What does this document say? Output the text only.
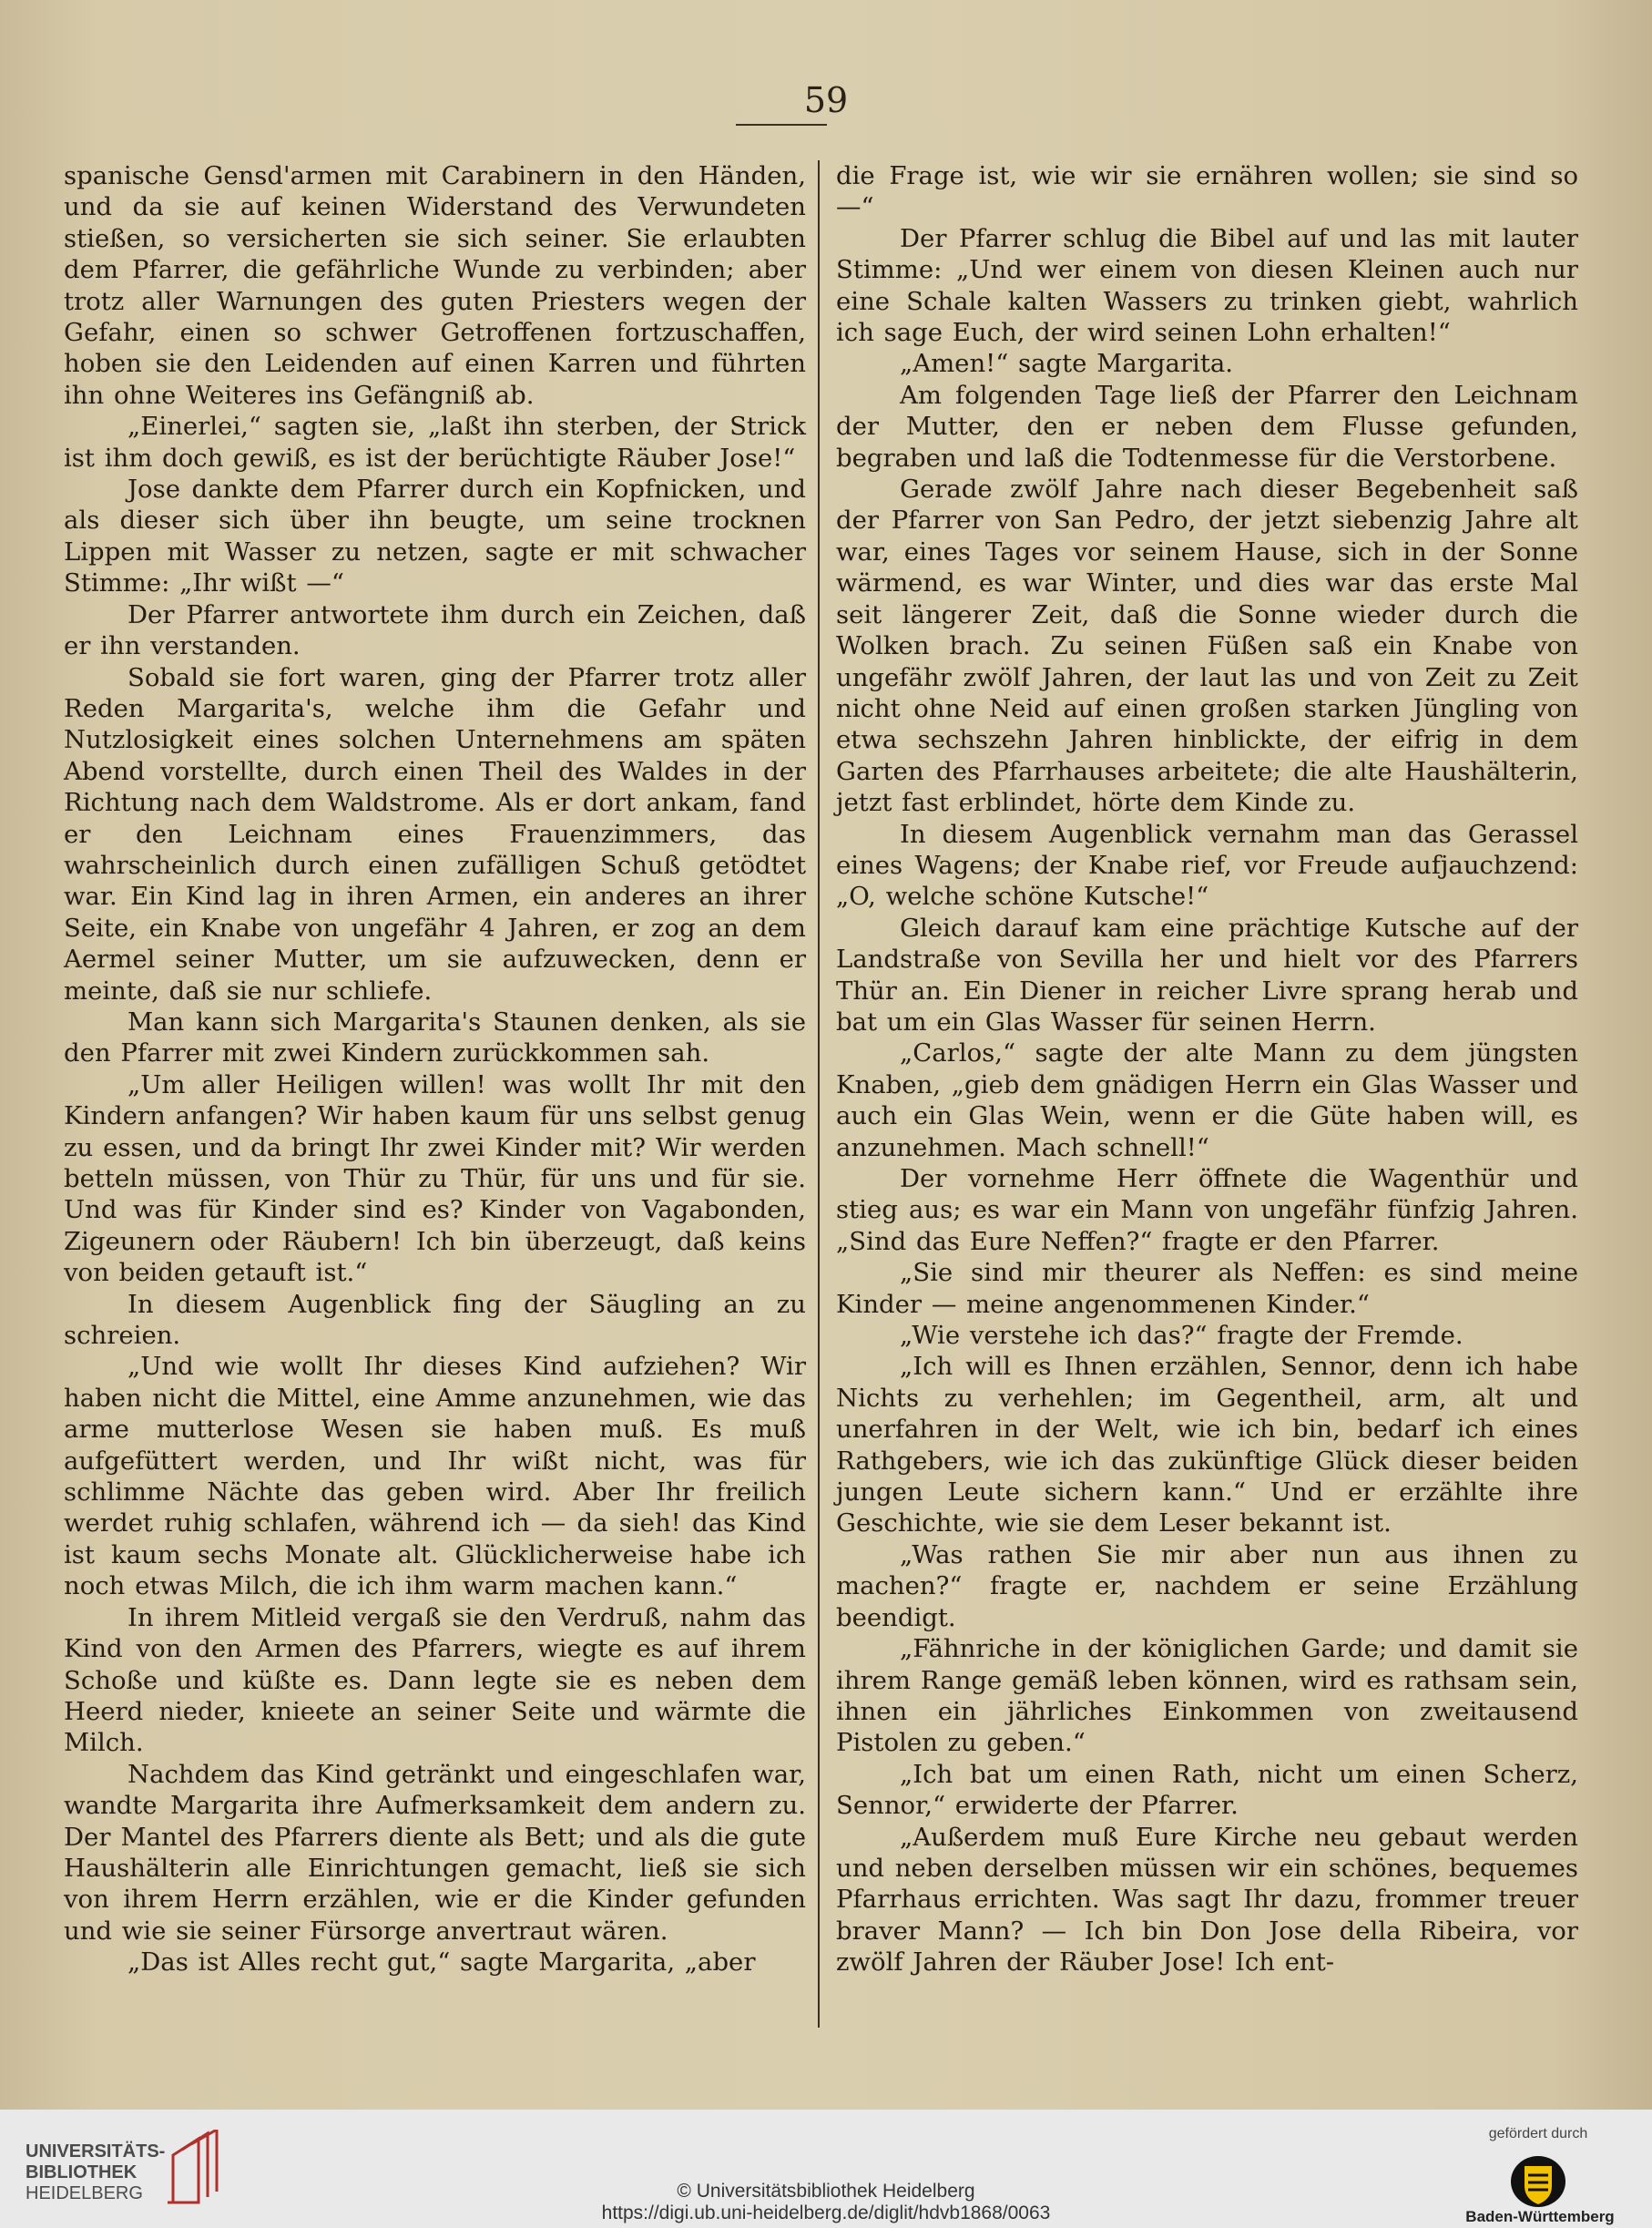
59

spanische Gensd'armen mit Carabinern in den Händen, und da sie auf keinen Widerstand des Verwundeten stießen, so versicherten sie sich seiner. Sie erlaubten dem Pfarrer, die gefährliche Wunde zu verbinden; aber trotz aller Warnungen des guten Priesters wegen der Gefahr, einen so schwer Getroffenen fortzuschaffen, hoben sie den Leidenden auf einen Karren und führten ihn ohne Weiteres ins Gefängniß ab.

„Einerlei,“ sagten sie, „laßt ihn sterben, der Strick ist ihm doch gewiß, es ist der berüchtigte Räuber Jose!“

Jose dankte dem Pfarrer durch ein Kopfnicken, und als dieser sich über ihn beugte, um seine trocknen Lippen mit Wasser zu netzen, sagte er mit schwacher Stimme: „Ihr wißt —“

Der Pfarrer antwortete ihm durch ein Zeichen, daß er ihn verstanden.

Sobald sie fort waren, ging der Pfarrer trotz aller Reden Margarita's, welche ihm die Gefahr und Nutzlosigkeit eines solchen Unternehmens am späten Abend vorstellte, durch einen Theil des Waldes in der Richtung nach dem Waldstrome. Als er dort ankam, fand er den Leichnam eines Frauenzimmers, das wahrscheinlich durch einen zufälligen Schuß getödtet war. Ein Kind lag in ihren Armen, ein anderes an ihrer Seite, ein Knabe von ungefähr 4 Jahren, er zog an dem Aermel seiner Mutter, um sie aufzuwecken, denn er meinte, daß sie nur schliefe.

Man kann sich Margarita's Staunen denken, als sie den Pfarrer mit zwei Kindern zurückkommen sah.

„Um aller Heiligen willen! was wollt Ihr mit den Kindern anfangen? Wir haben kaum für uns selbst genug zu essen, und da bringt Ihr zwei Kinder mit? Wir werden betteln müssen, von Thür zu Thür, für uns und für sie. Und was für Kinder sind es? Kinder von Vagabonden, Zigeunern oder Räubern! Ich bin überzeugt, daß keins von beiden getauft ist.“

In diesem Augenblick fing der Säugling an zu schreien.

„Und wie wollt Ihr dieses Kind aufziehen? Wir haben nicht die Mittel, eine Amme anzunehmen, wie das arme mutterlose Wesen sie haben muß. Es muß aufgefüttert werden, und Ihr wißt nicht, was für schlimme Nächte das geben wird. Aber Ihr freilich werdet ruhig schlafen, während ich — da sieh! das Kind ist kaum sechs Monate alt. Glücklicherweise habe ich noch etwas Milch, die ich ihm warm machen kann.“

In ihrem Mitleid vergaß sie den Verdruß, nahm das Kind von den Armen des Pfarrers, wiegte es auf ihrem Schoße und küßte es. Dann legte sie es neben dem Heerd nieder, knieete an seiner Seite und wärmte die Milch.

Nachdem das Kind getränkt und eingeschlafen war, wandte Margarita ihre Aufmerksamkeit dem andern zu. Der Mantel des Pfarrers diente als Bett; und als die gute Haushälterin alle Einrichtungen gemacht, ließ sie sich von ihrem Herrn erzählen, wie er die Kinder gefunden und wie sie seiner Fürsorge anvertraut wären.

„Das ist Alles recht gut,“ sagte Margarita, „aber

die Frage ist, wie wir sie ernähren wollen; sie sind so —“

Der Pfarrer schlug die Bibel auf und las mit lauter Stimme: „Und wer einem von diesen Kleinen auch nur eine Schale kalten Wassers zu trinken giebt, wahrlich ich sage Euch, der wird seinen Lohn erhalten!“

„Amen!“ sagte Margarita.

Am folgenden Tage ließ der Pfarrer den Leichnam der Mutter, den er neben dem Flusse gefunden, begraben und laß die Todtenmesse für die Verstorbene.

Gerade zwölf Jahre nach dieser Begebenheit saß der Pfarrer von San Pedro, der jetzt siebenzig Jahre alt war, eines Tages vor seinem Hause, sich in der Sonne wärmend, es war Winter, und dies war das erste Mal seit längerer Zeit, daß die Sonne wieder durch die Wolken brach. Zu seinen Füßen saß ein Knabe von ungefähr zwölf Jahren, der laut las und von Zeit zu Zeit nicht ohne Neid auf einen großen starken Jüngling von etwa sechszehn Jahren hinblickte, der eifrig in dem Garten des Pfarrhauses arbeitete; die alte Haushälterin, jetzt fast erblindet, hörte dem Kinde zu.

In diesem Augenblick vernahm man das Gerassel eines Wagens; der Knabe rief, vor Freude aufjauchzend: „O, welche schöne Kutsche!“

Gleich darauf kam eine prächtige Kutsche auf der Landstraße von Sevilla her und hielt vor des Pfarrers Thür an. Ein Diener in reicher Livre sprang herab und bat um ein Glas Wasser für seinen Herrn.

„Carlos,“ sagte der alte Mann zu dem jüngsten Knaben, „gieb dem gnädigen Herrn ein Glas Wasser und auch ein Glas Wein, wenn er die Güte haben will, es anzunehmen. Mach schnell!“

Der vornehme Herr öffnete die Wagenthür und stieg aus; es war ein Mann von ungefähr fünfzig Jahren. „Sind das Eure Neffen?“ fragte er den Pfarrer.

„Sie sind mir theurer als Neffen: es sind meine Kinder — meine angenommenen Kinder.“

„Wie verstehe ich das?“ fragte der Fremde.

„Ich will es Ihnen erzählen, Sennor, denn ich habe Nichts zu verhehlen; im Gegentheil, arm, alt und unerfahren in der Welt, wie ich bin, bedarf ich eines Rathgebers, wie ich das zukünftige Glück dieser beiden jungen Leute sichern kann.“ Und er erzählte ihre Geschichte, wie sie dem Leser bekannt ist.

„Was rathen Sie mir aber nun aus ihnen zu machen?“ fragte er, nachdem er seine Erzählung beendigt.

„Fähnriche in der königlichen Garde; und damit sie ihrem Range gemäß leben können, wird es rathsam sein, ihnen ein jährliches Einkommen von zweitausend Pistolen zu geben.“

„Ich bat um einen Rath, nicht um einen Scherz, Sennor,“ erwiderte der Pfarrer.

„Außerdem muß Eure Kirche neu gebaut werden und neben derselben müssen wir ein schönes, bequemes Pfarrhaus errichten. Was sagt Ihr dazu, frommer treuer braver Mann? — Ich bin Don Jose della Ribeira, vor zwölf Jahren der Räuber Jose! Ich ent-

UNIVERSITÄTS-
BIBLIOTHEK
HEIDELBERG	© Universitätsbibliothek Heidelberg
https://digi.ub.uni-heidelberg.de/diglit/hdvb1868/0063
gefördert durch
Baden-Württemberg
